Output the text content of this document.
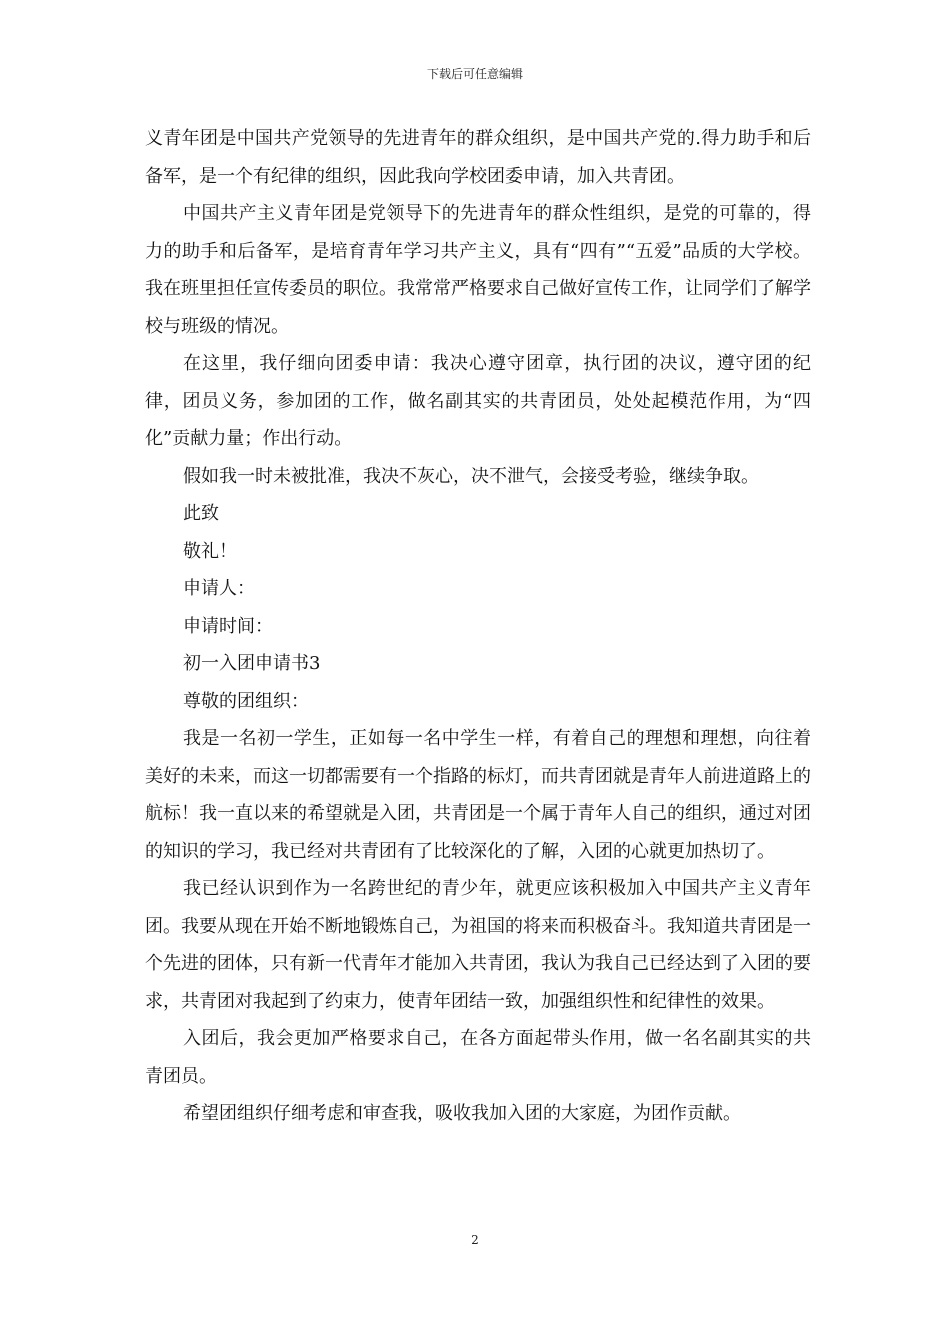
下载后可任意编辑

义青年团是中国共产党领导的先进青年的群众组织，是中国共产党的.得力助手和后备军，是一个有纪律的组织，因此我向学校团委申请，加入共青团。

中国共产主义青年团是党领导下的先进青年的群众性组织，是党的可靠的，得力的助手和后备军，是培育青年学习共产主义，具有“四有”“五爱”品质的大学校。我在班里担任宣传委员的职位。我常常严格要求自己做好宣传工作，让同学们了解学校与班级的情况。

在这里，我仔细向团委申请：我决心遵守团章，执行团的决议，遵守团的纪律，团员义务，参加团的工作，做名副其实的共青团员，处处起模范作用，为“四化”贡献力量；作出行动。

假如我一时未被批准，我决不灰心，决不泄气，会接受考验，继续争取。

此致

敬礼！

申请人：

申请时间：

初一入团申请书3

尊敬的团组织：

我是一名初一学生，正如每一名中学生一样，有着自己的理想和理想，向往着美好的未来，而这一切都需要有一个指路的标灯，而共青团就是青年人前进道路上的航标！我一直以来的希望就是入团，共青团是一个属于青年人自己的组织，通过对团的知识的学习，我已经对共青团有了比较深化的了解，入团的心就更加热切了。

我已经认识到作为一名跨世纪的青少年，就更应该积极加入中国共产主义青年团。我要从现在开始不断地锻炼自己，为祖国的将来而积极奋斗。我知道共青团是一个先进的团体，只有新一代青年才能加入共青团，我认为我自己已经达到了入团的要求，共青团对我起到了约束力，使青年团结一致，加强组织性和纪律性的效果。

入团后，我会更加严格要求自己，在各方面起带头作用，做一名名副其实的共青团员。

希望团组织仔细考虑和审查我，吸收我加入团的大家庭，为团作贡献。

2
